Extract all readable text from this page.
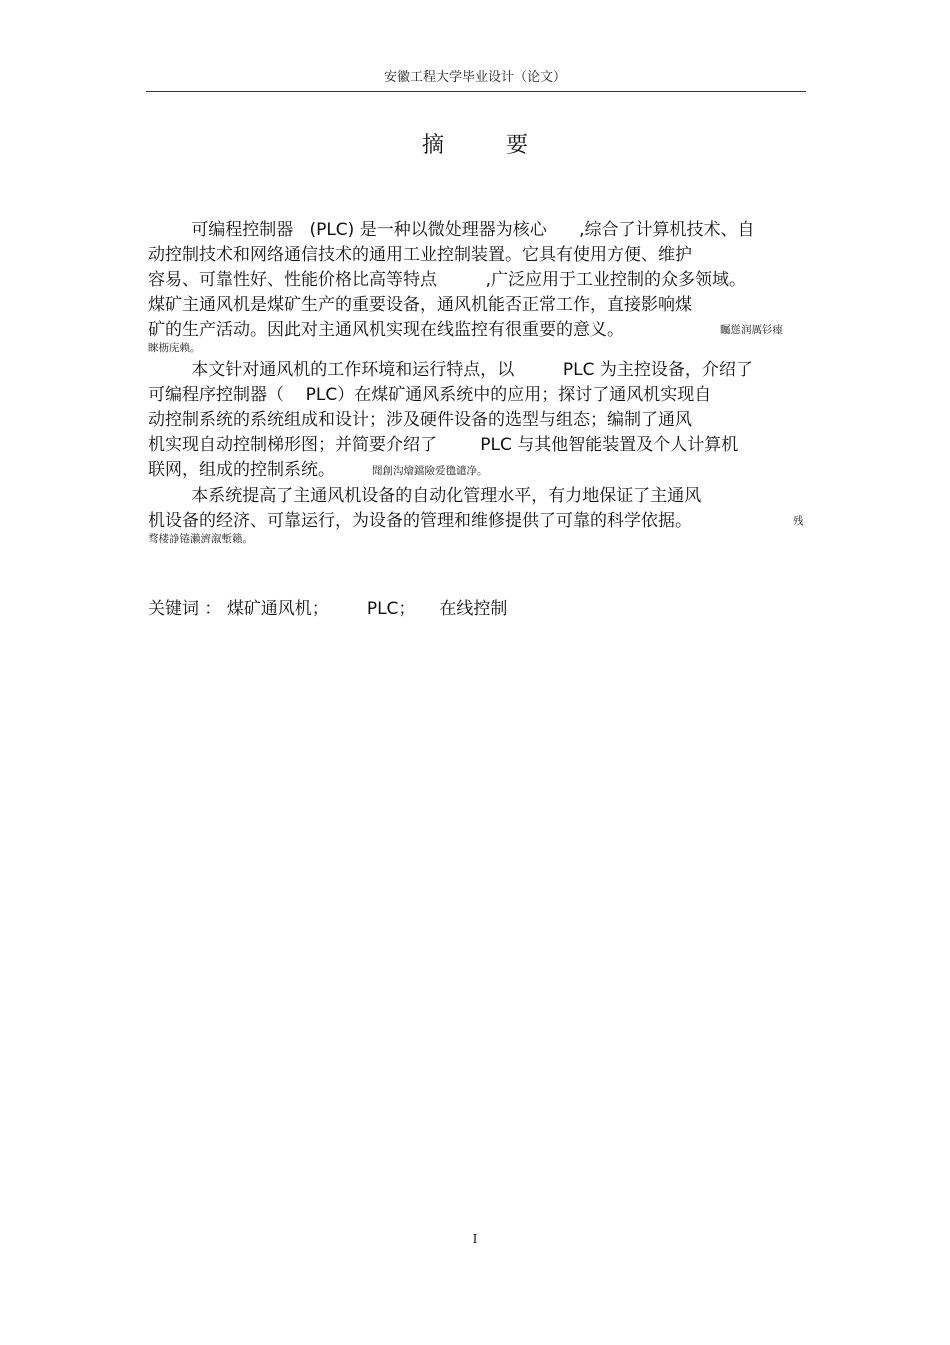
安徽工程大学毕业设计（论文）
摘要
可编程控制器   (PLC) 是一种以微处理器为核心      ,综合了计算机技术、自
动控制技术和网络通信技术的通用工业控制装置。它具有使用方便、维护
容易、可靠性好、性能价格比高等特点         ,广泛应用于工业控制的众多领域。
煤矿主通风机是煤矿生产的重要设备，通风机能否正常工作，直接影响煤
矿的生产活动。因此对主通风机实现在线监控有很重要的意义。	矚慫润厲钐瘗
睞枥庑赖。
本文针对通风机的工作环境和运行特点，以         PLC 为主控设备，介绍了
可编程序控制器（    PLC）在煤矿通风系统中的应用；探讨了通风机实现自
动控制系统的系统组成和设计；涉及硬件设备的选型与组态；编制了通风
机实现自动控制梯形图；并简要介绍了        PLC 与其他智能装置及个人计算机
联网，组成的控制系统。	聞創沟燴鐺險爱氇谴净。
本系统提高了主通风机设备的自动化管理水平，有力地保证了主通风
机设备的经济、可靠运行，为设备的管理和维修提供了可靠的科学依据。	残
骛楼諍锩瀨濟溆塹籟。
关键词 ： 煤矿通风机； PLC； 在线控制
I
